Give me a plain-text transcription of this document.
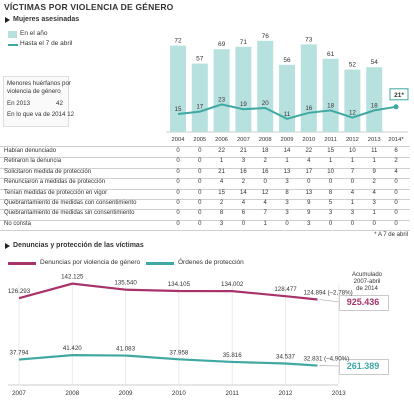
VÍCTIMAS POR VIOLENCIA DE GÉNERO
Mujeres asesinadas
En el año
Hasta el 7 de abril
Menores huérfanos por
violencia de género
En 2013	42
En lo que va de 2014 12
72
2004
57
2005
69
2006
71
2007
76
2008
56
2009
73
2010
61
2011
52
2012
54
2013 2014*
15 17
23
19 20
11
16 18
12
18
21*
Habían denunciado	0	0	22	21	18	14	22	15	10	11	6
Retiraron la denuncia	0	0	1	3	2	1	4	1	1	1	2
Solicitaron medida de protección	0	0	21	16	16	13	17	10	7	9	4
Renunciaron a medidas de protección	0	0	4	2	0	3	0	0	0	2	0
Tenían medidas de protección en vigor	0	0	15	14	12	8	13	8	4	4	0
Quebrantamiento de medidas con consentimiento	0	0	2	4	4	3	9	5	1	3	0
Quebrantamiento de medidas sin consentimiento	0	0	8	6	7	3	9	3	3	1	0
No consta	0	0	3	0	1	0	3	0	0	0	0
* A 7 de abril
Denuncias y protección de las víctimas
Denuncias por violencia de género	Órdenes de protección
Acumulado
2007-abril
de 2014
925.436
261.389
2007	2008	2009	2010	2011	2012	2013
126.293
142.125
135.540	134.105	134.002
128.477 124.894 (–2,78%)
37.794
41.420	41.083
37.958	35.816	34.537 32.831 (–4,90%)
